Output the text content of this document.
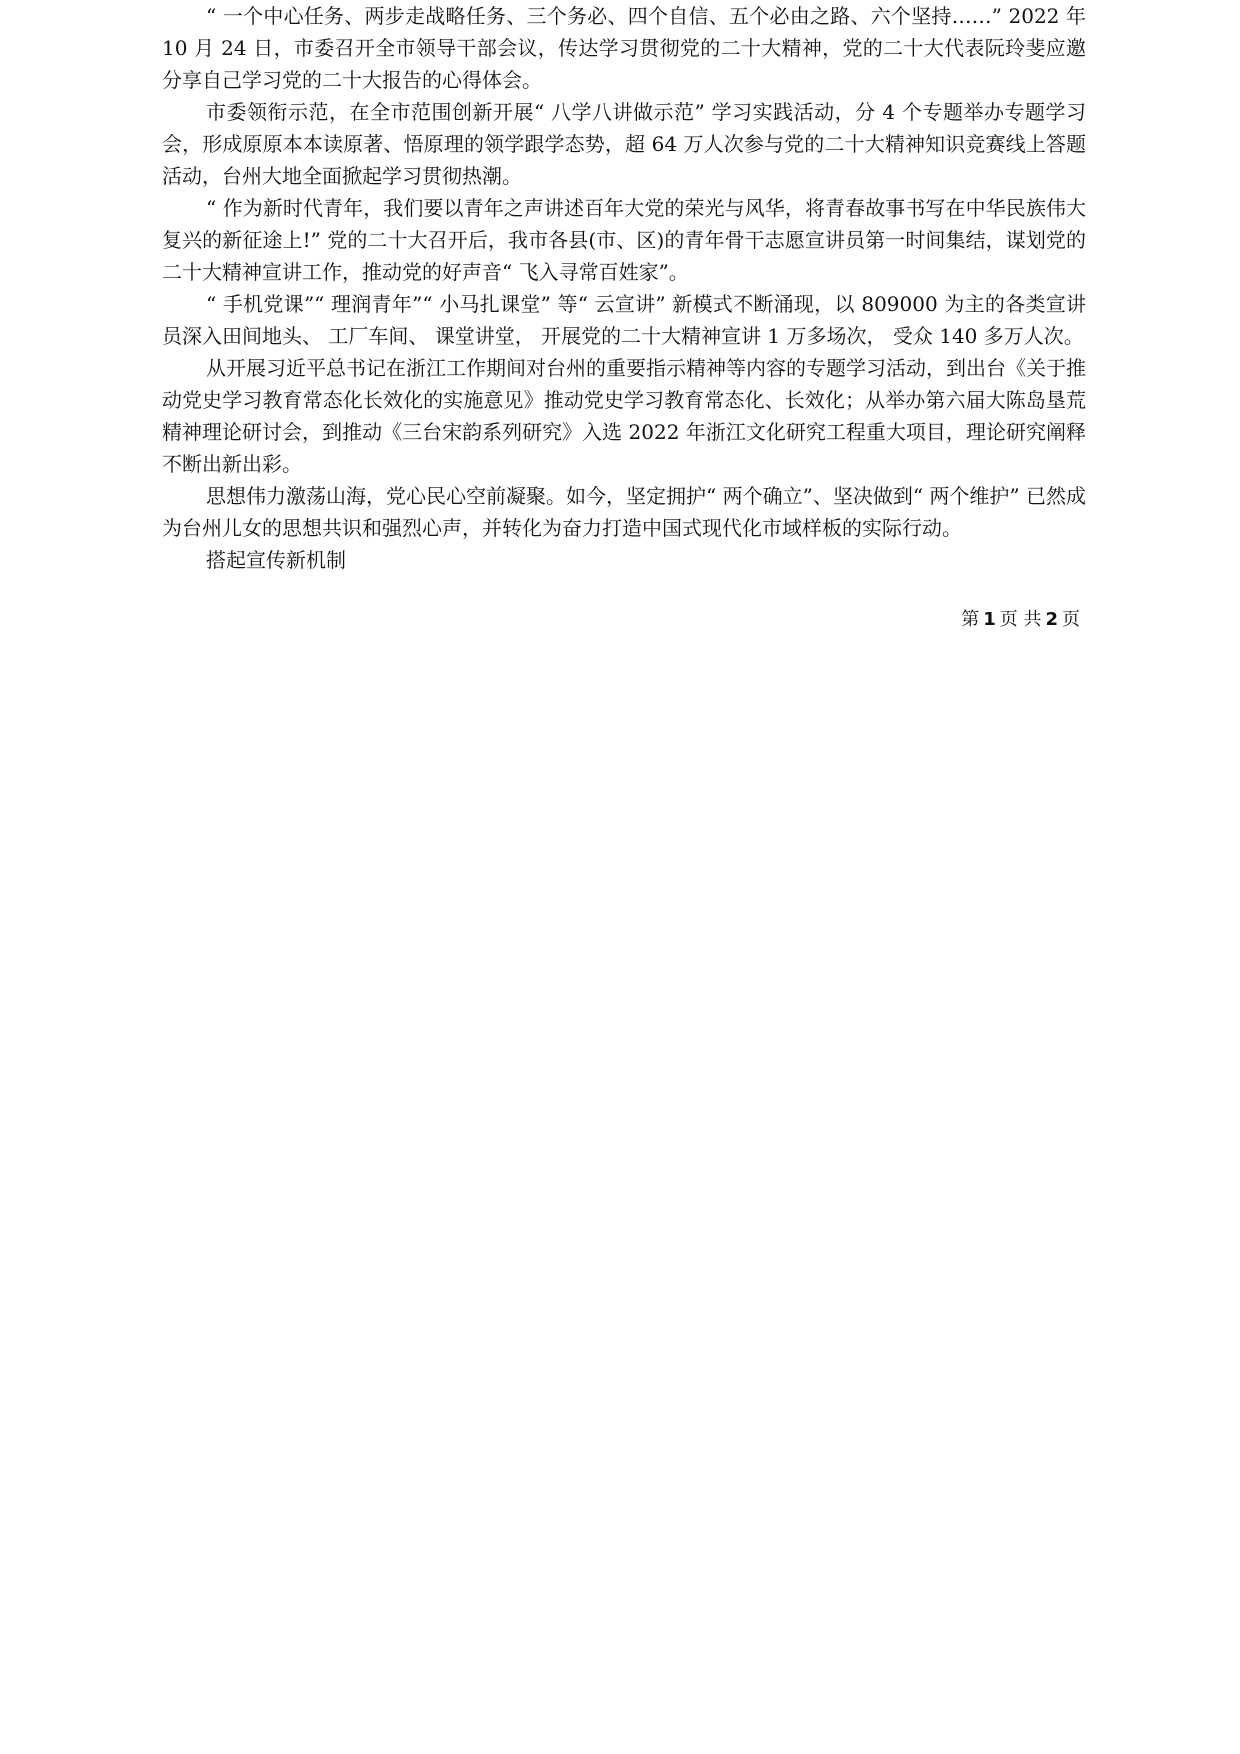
“ 一个中心任务、两步走战略任务、三个务必、四个自信、五个必由之路、六个坚持……” 2022 年 10 月 24 日，市委召开全市领导干部会议，传达学习贯彻党的二十大精神，党的二十大代表阮玲斐应邀分享自己学习党的二十大报告的心得体会。

市委领衔示范，在全市范围创新开展“ 八学八讲做示范” 学习实践活动，分 4 个专题举办专题学习会，形成原原本本读原著、悟原理的领学跟学态势，超 64 万人次参与党的二十大精神知识竞赛线上答题活动，台州大地全面掀起学习贯彻热潮。

“ 作为新时代青年，我们要以青年之声讲述百年大党的荣光与风华，将青春故事书写在中华民族伟大复兴的新征途上!” 党的二十大召开后，我市各县(市、区)的青年骨干志愿宣讲员第一时间集结，谋划党的二十大精神宣讲工作，推动党的好声音“ 飞入寻常百姓家”。

“ 手机党课”“ 理润青年”“ 小马扎课堂” 等“ 云宣讲” 新模式不断涌现，以 809000 为主的各类宣讲员深入田间地头、 工厂车间、 课堂讲堂， 开展党的二十大精神宣讲 1 万多场次， 受众 140 多万人次。

从开展习近平总书记在浙江工作期间对台州的重要指示精神等内容的专题学习活动，到出台《关于推动党史学习教育常态化长效化的实施意见》推动党史学习教育常态化、长效化；从举办第六届大陈岛垦荒精神理论研讨会，到推动《三台宋韵系列研究》入选 2022 年浙江文化研究工程重大项目，理论研究阐释不断出新出彩。

思想伟力激荡山海，党心民心空前凝聚。如今，坚定拥护“ 两个确立”、坚决做到“ 两个维护” 已然成为台州儿女的思想共识和强烈心声，并转化为奋力打造中国式现代化市域样板的实际行动。

搭起宣传新机制

第 1 页 共 2 页
